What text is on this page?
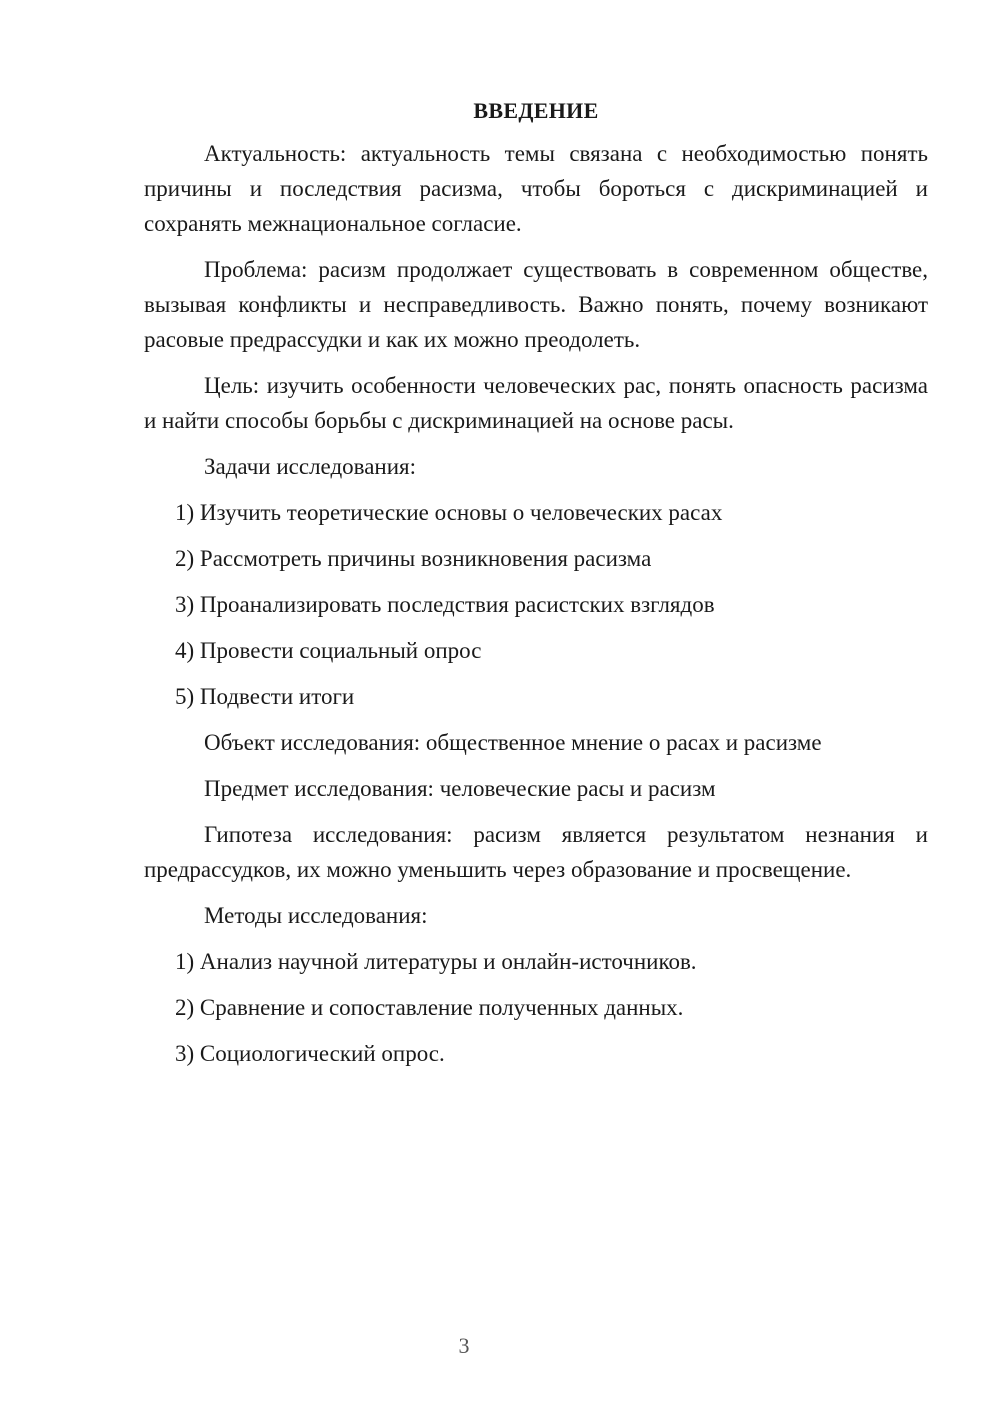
ВВЕДЕНИЕ

Актуальность: актуальность темы связана с необходимостью понять причины и последствия расизма, чтобы бороться с дискриминацией и сохранять межнациональное согласие.

Проблема: расизм продолжает существовать в современном обществе, вызывая конфликты и несправедливость. Важно понять, почему возникают расовые предрассудки и как их можно преодолеть.

Цель: изучить особенности человеческих рас, понять опасность расизма и найти способы борьбы с дискриминацией на основе расы.

Задачи исследования:

1) Изучить теоретические основы о человеческих расах

2) Рассмотреть причины возникновения расизма

3) Проанализировать последствия расистских взглядов

4) Провести социальный опрос

5) Подвести итоги

Объект исследования: общественное мнение о расах и расизме

Предмет исследования: человеческие расы и расизм

Гипотеза исследования: расизм является результатом незнания и предрассудков, их можно уменьшить через образование и просвещение.

Методы исследования:

1) Анализ научной литературы и онлайн-источников.

2) Сравнение и сопоставление полученных данных.

3) Социологический опрос.

3
